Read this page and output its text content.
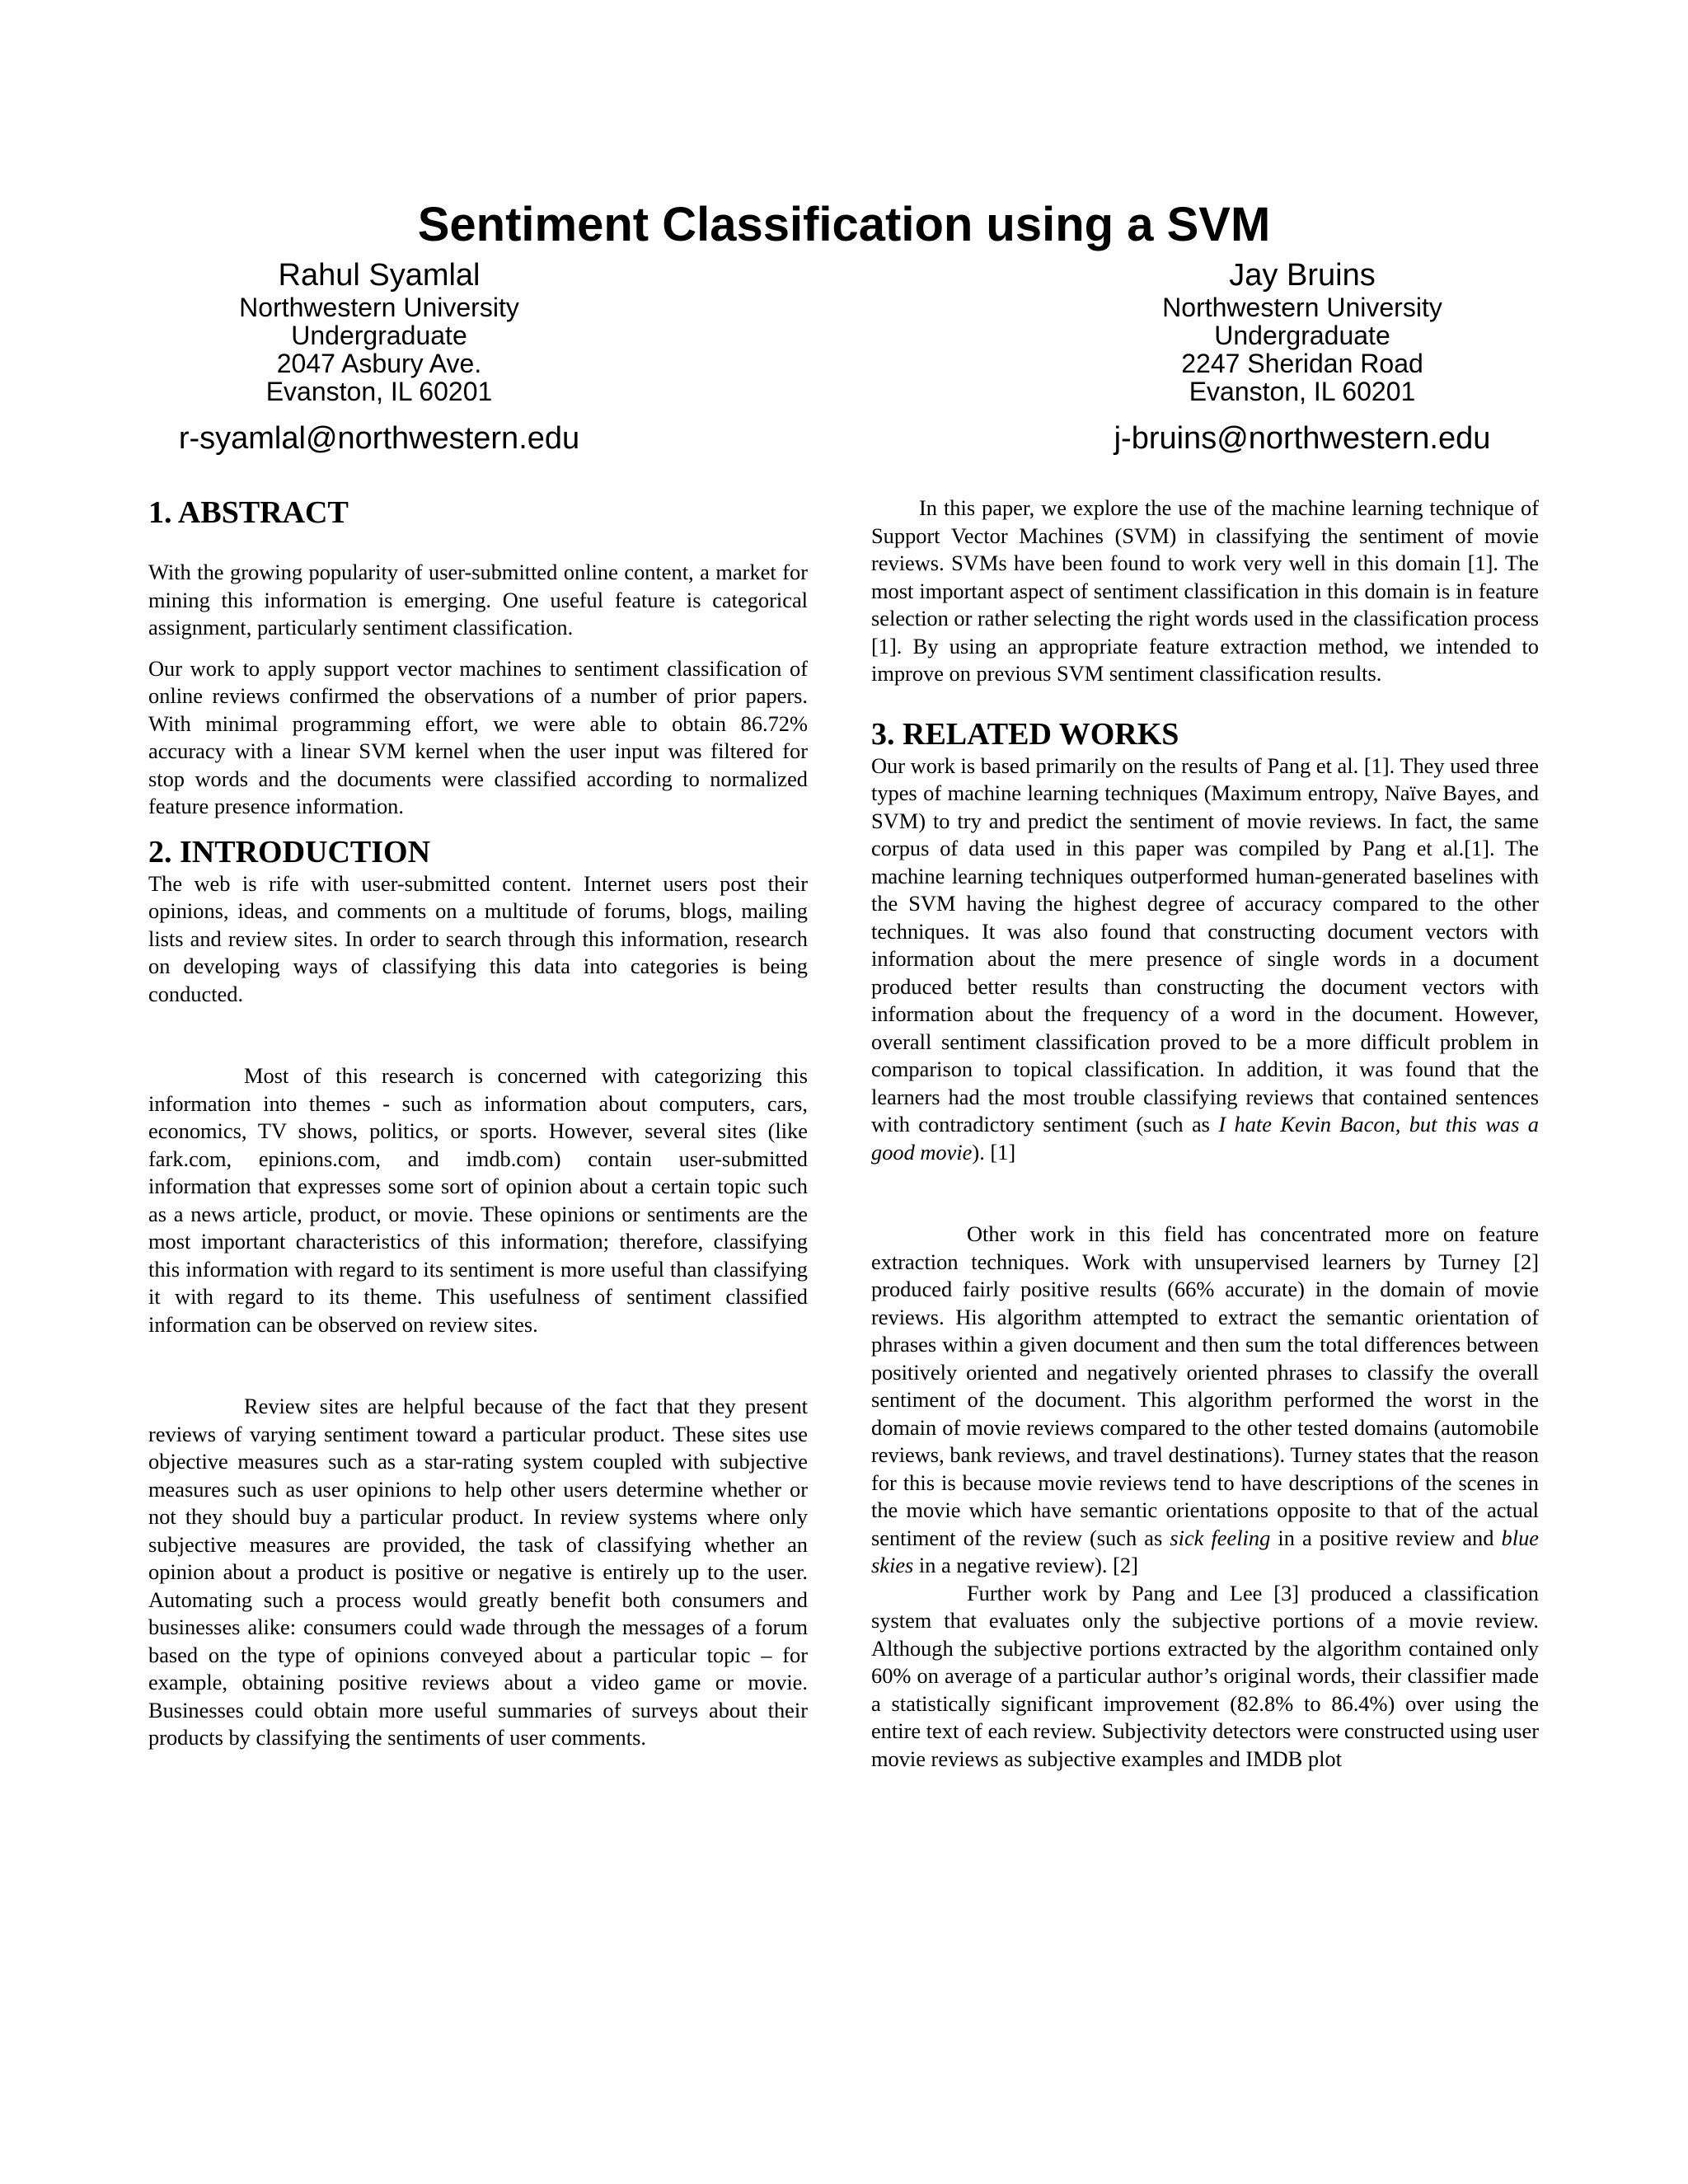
Sentiment Classification using a SVM
Rahul Syamlal
Northwestern University
Undergraduate
2047 Asbury Ave.
Evanston, IL 60201
r-syamlal@northwestern.edu
Jay Bruins
Northwestern University
Undergraduate
2247 Sheridan Road
Evanston, IL 60201
j-bruins@northwestern.edu
1. ABSTRACT

With the growing popularity of user-submitted online content, a market for mining this information is emerging. One useful feature is categorical assignment, particularly sentiment classification.

Our work to apply support vector machines to sentiment classification of online reviews confirmed the observations of a number of prior papers. With minimal programming effort, we were able to obtain 86.72% accuracy with a linear SVM kernel when the user input was filtered for stop words and the documents were classified according to normalized feature presence information.

2. INTRODUCTION

The web is rife with user-submitted content. Internet users post their opinions, ideas, and comments on a multitude of forums, blogs, mailing lists and review sites. In order to search through this information, research on developing ways of classifying this data into categories is being conducted.

Most of this research is concerned with categorizing this information into themes - such as information about computers, cars, economics, TV shows, politics, or sports. However, several sites (like fark.com, epinions.com, and imdb.com) contain user-submitted information that expresses some sort of opinion about a certain topic such as a news article, product, or movie. These opinions or sentiments are the most important characteristics of this information; therefore, classifying this information with regard to its sentiment is more useful than classifying it with regard to its theme. This usefulness of sentiment classified information can be observed on review sites.

Review sites are helpful because of the fact that they present reviews of varying sentiment toward a particular product. These sites use objective measures such as a star-rating system coupled with subjective measures such as user opinions to help other users determine whether or not they should buy a particular product. In review systems where only subjective measures are provided, the task of classifying whether an opinion about a product is positive or negative is entirely up to the user. Automating such a process would greatly benefit both consumers and businesses alike: consumers could wade through the messages of a forum based on the type of opinions conveyed about a particular topic – for example, obtaining positive reviews about a video game or movie. Businesses could obtain more useful summaries of surveys about their products by classifying the sentiments of user comments.

In this paper, we explore the use of the machine learning technique of Support Vector Machines (SVM) in classifying the sentiment of movie reviews. SVMs have been found to work very well in this domain [1]. The most important aspect of sentiment classification in this domain is in feature selection or rather selecting the right words used in the classification process [1]. By using an appropriate feature extraction method, we intended to improve on previous SVM sentiment classification results.

3. RELATED WORKS

Our work is based primarily on the results of Pang et al. [1]. They used three types of machine learning techniques (Maximum entropy, Naïve Bayes, and SVM) to try and predict the sentiment of movie reviews. In fact, the same corpus of data used in this paper was compiled by Pang et al.[1]. The machine learning techniques outperformed human-generated baselines with the SVM having the highest degree of accuracy compared to the other techniques. It was also found that constructing document vectors with information about the mere presence of single words in a document produced better results than constructing the document vectors with information about the frequency of a word in the document. However, overall sentiment classification proved to be a more difficult problem in comparison to topical classification. In addition, it was found that the learners had the most trouble classifying reviews that contained sentences with contradictory sentiment (such as I hate Kevin Bacon, but this was a good movie). [1]

Other work in this field has concentrated more on feature extraction techniques. Work with unsupervised learners by Turney [2] produced fairly positive results (66% accurate) in the domain of movie reviews. His algorithm attempted to extract the semantic orientation of phrases within a given document and then sum the total differences between positively oriented and negatively oriented phrases to classify the overall sentiment of the document. This algorithm performed the worst in the domain of movie reviews compared to the other tested domains (automobile reviews, bank reviews, and travel destinations). Turney states that the reason for this is because movie reviews tend to have descriptions of the scenes in the movie which have semantic orientations opposite to that of the actual sentiment of the review (such as sick feeling in a positive review and blue skies in a negative review). [2]

Further work by Pang and Lee [3] produced a classification system that evaluates only the subjective portions of a movie review. Although the subjective portions extracted by the algorithm contained only 60% on average of a particular author’s original words, their classifier made a statistically significant improvement (82.8% to 86.4%) over using the entire text of each review. Subjectivity detectors were constructed using user movie reviews as subjective examples and IMDB plot
